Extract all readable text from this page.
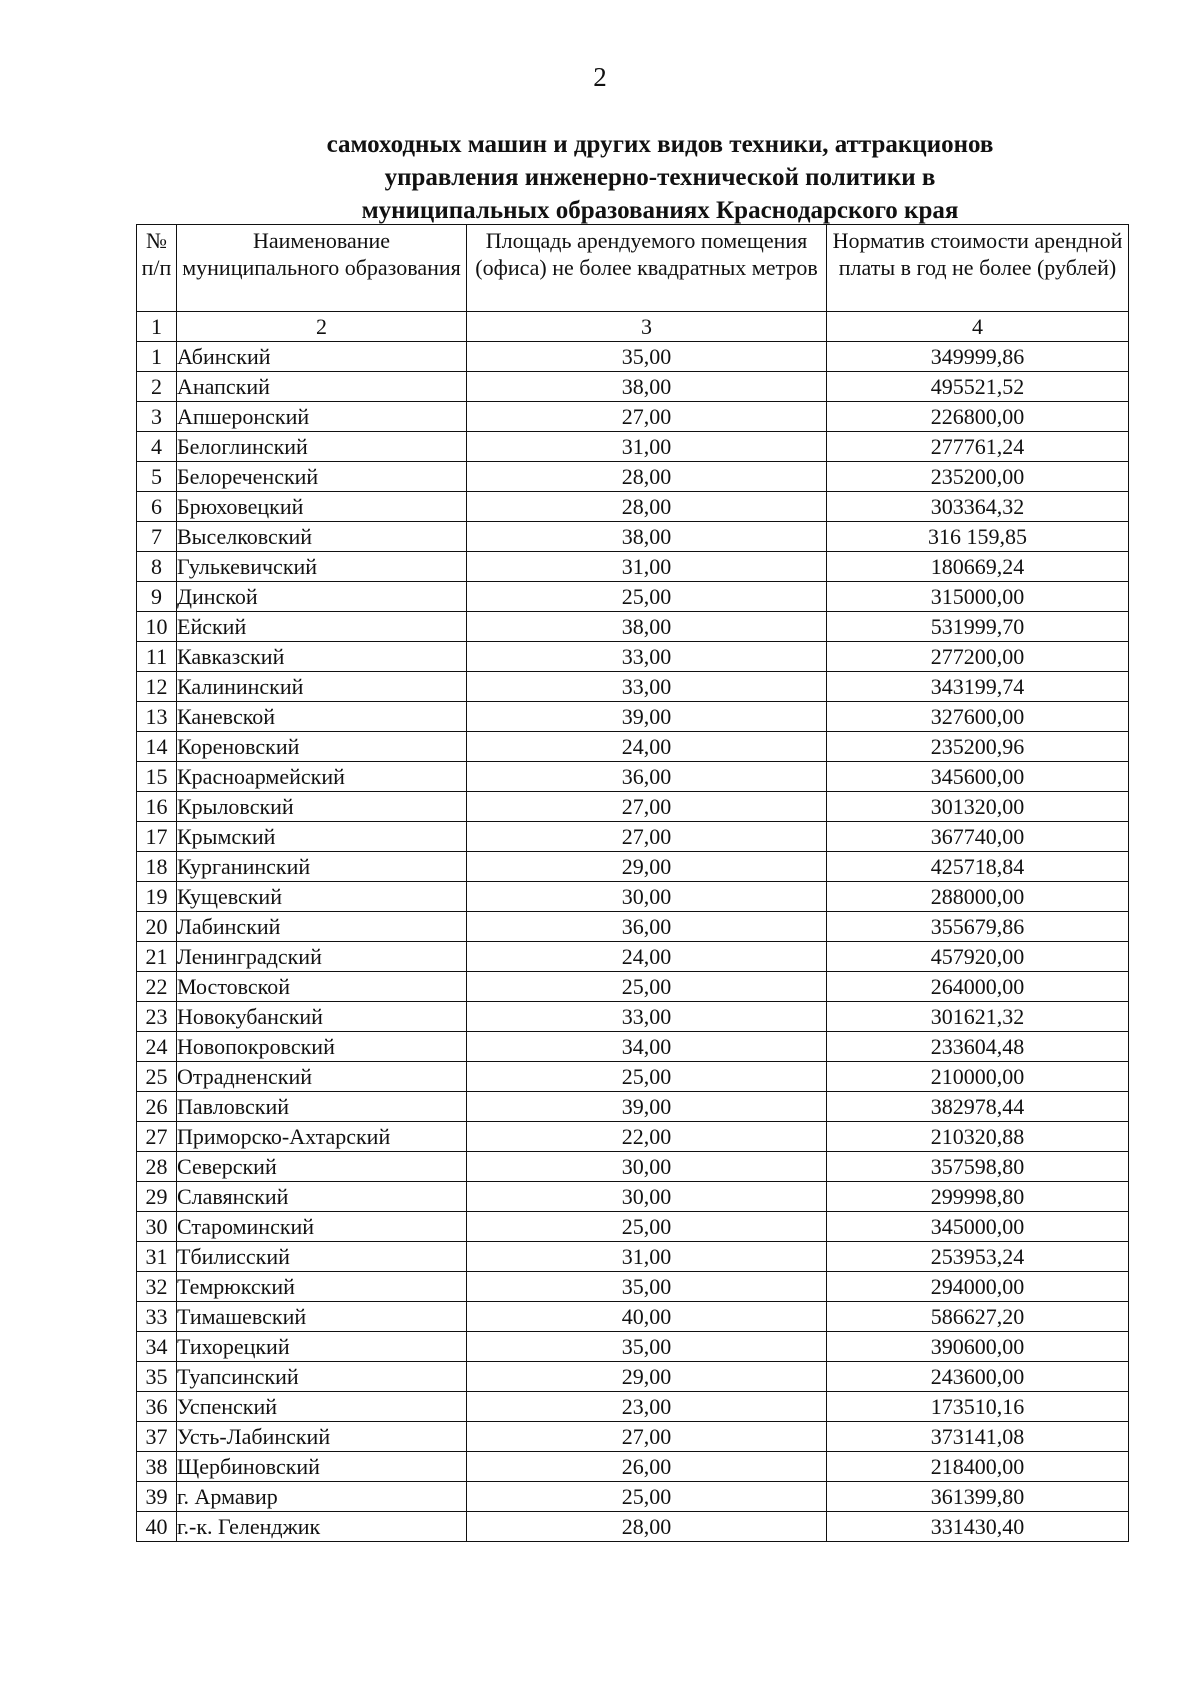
2
самоходных машин и других видов техники, аттракционов
управления инженерно-технической политики в
муниципальных образованиях Краснодарского края
№ п/п	Наименование муниципального образования	Площадь арендуемого помещения (офиса) не более квадратных метров	Норматив стоимости арендной платы в год не более (рублей)
1	2	3	4
1	Абинский	35,00	349999,86
2	Анапский	38,00	495521,52
3	Апшеронский	27,00	226800,00
4	Белоглинский	31,00	277761,24
5	Белореченский	28,00	235200,00
6	Брюховецкий	28,00	303364,32
7	Выселковский	38,00	316 159,85
8	Гулькевичский	31,00	180669,24
9	Динской	25,00	315000,00
10	Ейский	38,00	531999,70
11	Кавказский	33,00	277200,00
12	Калининский	33,00	343199,74
13	Каневской	39,00	327600,00
14	Кореновский	24,00	235200,96
15	Красноармейский	36,00	345600,00
16	Крыловский	27,00	301320,00
17	Крымский	27,00	367740,00
18	Курганинский	29,00	425718,84
19	Кущевский	30,00	288000,00
20	Лабинский	36,00	355679,86
21	Ленинградский	24,00	457920,00
22	Мостовской	25,00	264000,00
23	Новокубанский	33,00	301621,32
24	Новопокровский	34,00	233604,48
25	Отрадненский	25,00	210000,00
26	Павловский	39,00	382978,44
27	Приморско-Ахтарский	22,00	210320,88
28	Северский	30,00	357598,80
29	Славянский	30,00	299998,80
30	Староминский	25,00	345000,00
31	Тбилисский	31,00	253953,24
32	Темрюкский	35,00	294000,00
33	Тимашевский	40,00	586627,20
34	Тихорецкий	35,00	390600,00
35	Туапсинский	29,00	243600,00
36	Успенский	23,00	173510,16
37	Усть-Лабинский	27,00	373141,08
38	Щербиновский	26,00	218400,00
39	г. Армавир	25,00	361399,80
40	г.-к. Геленджик	28,00	331430,40
